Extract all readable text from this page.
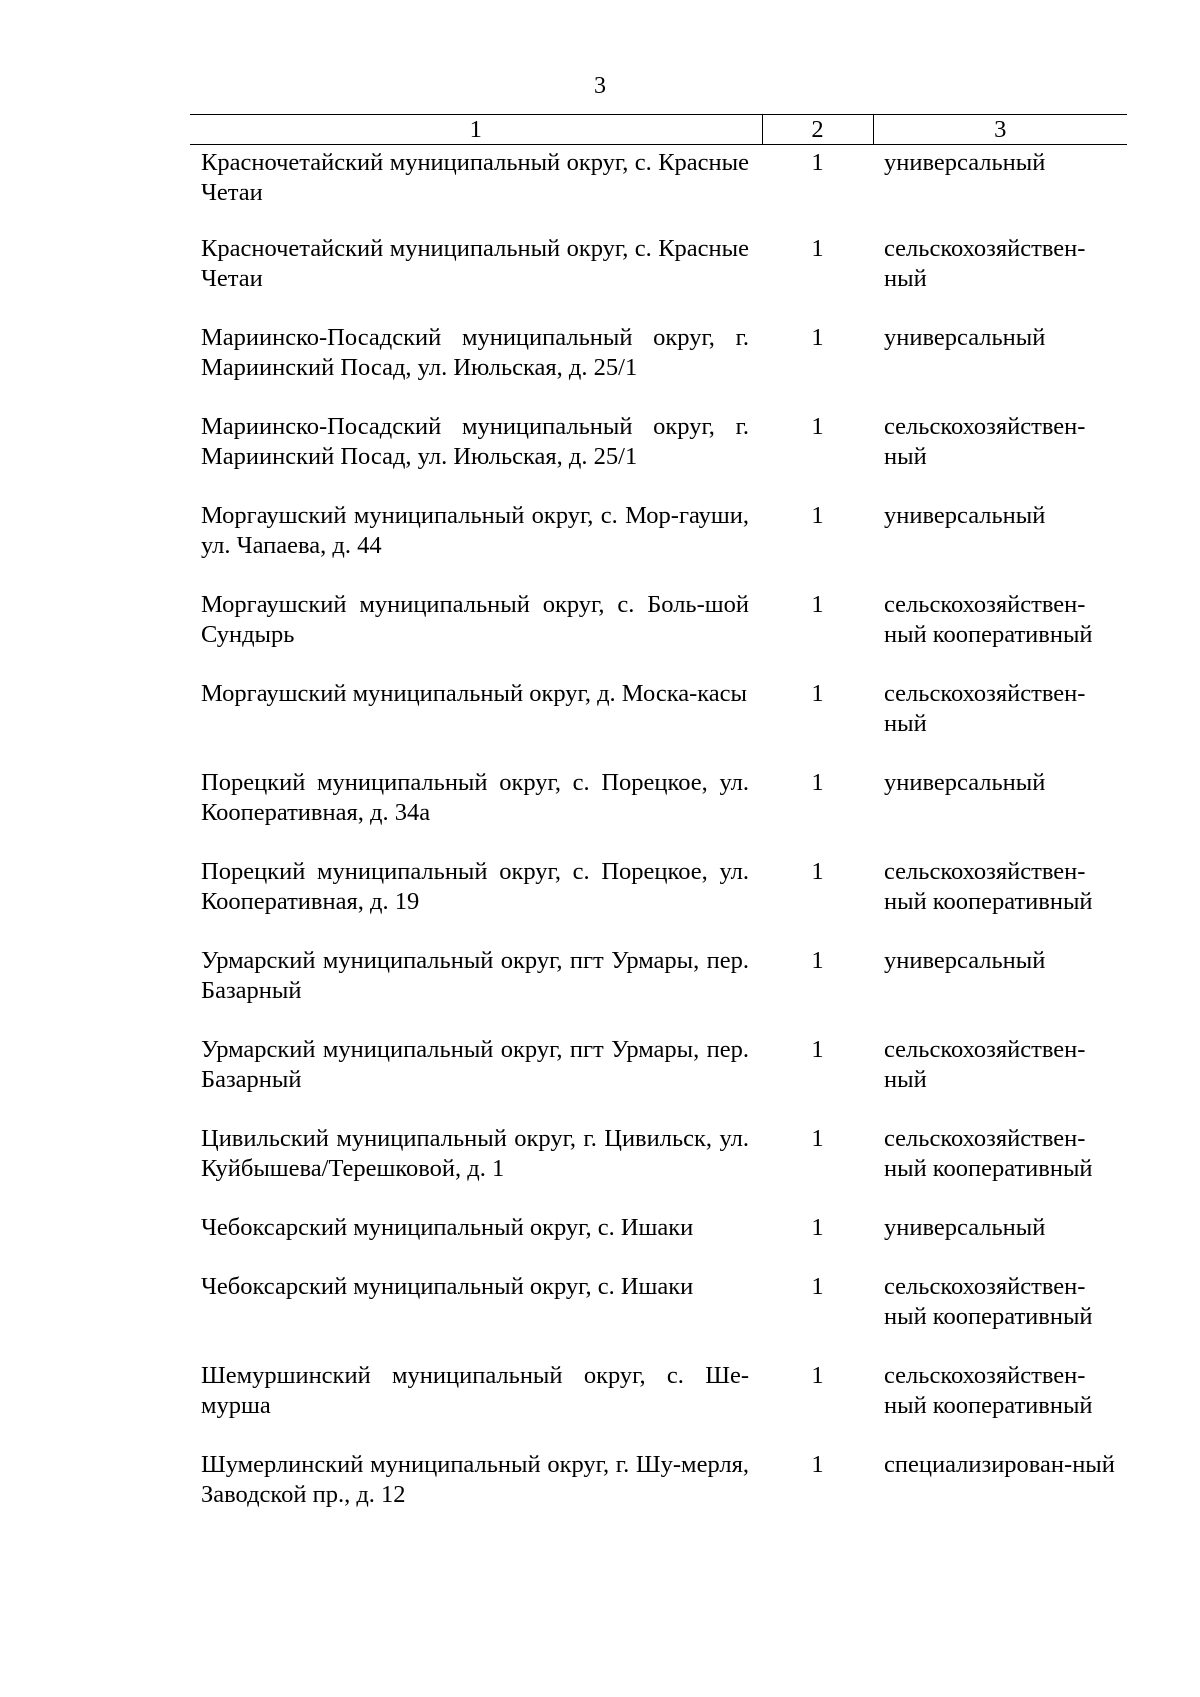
3
1	2	3
Красночетайский муниципальный округ, с. Красные Четаи	1	универсальный
Красночетайский муниципальный округ, с. Красные Четаи	1	сельскохозяйствен-ный
Мариинско-Посадский муниципальный округ, г. Мариинский Посад, ул. Июльская, д. 25/1	1	универсальный
Мариинско-Посадский муниципальный округ, г. Мариинский Посад, ул. Июльская, д. 25/1	1	сельскохозяйствен-ный
Моргаушский муниципальный округ, с. Мор-гауши, ул. Чапаева, д. 44	1	универсальный
Моргаушский муниципальный округ, с. Боль-шой Сундырь	1	сельскохозяйствен-ный кооперативный
Моргаушский муниципальный округ, д. Моска-касы	1	сельскохозяйствен-ный
Порецкий муниципальный округ, с. Порецкое, ул. Кооперативная, д. 34а	1	универсальный
Порецкий муниципальный округ, с. Порецкое, ул. Кооперативная, д. 19	1	сельскохозяйствен-ный кооперативный
Урмарский муниципальный округ, пгт Урмары, пер. Базарный	1	универсальный
Урмарский муниципальный округ, пгт Урмары, пер. Базарный	1	сельскохозяйствен-ный
Цивильский муниципальный округ, г. Цивильск, ул. Куйбышева/Терешковой, д. 1	1	сельскохозяйствен-ный кооперативный
Чебоксарский муниципальный округ, с. Ишаки	1	универсальный
Чебоксарский муниципальный округ, с. Ишаки	1	сельскохозяйствен-ный кооперативный
Шемуршинский муниципальный округ, с. Ше-мурша	1	сельскохозяйствен-ный кооперативный
Шумерлинский муниципальный округ, г. Шу-мерля, Заводской пр., д. 12	1	специализирован-ный
